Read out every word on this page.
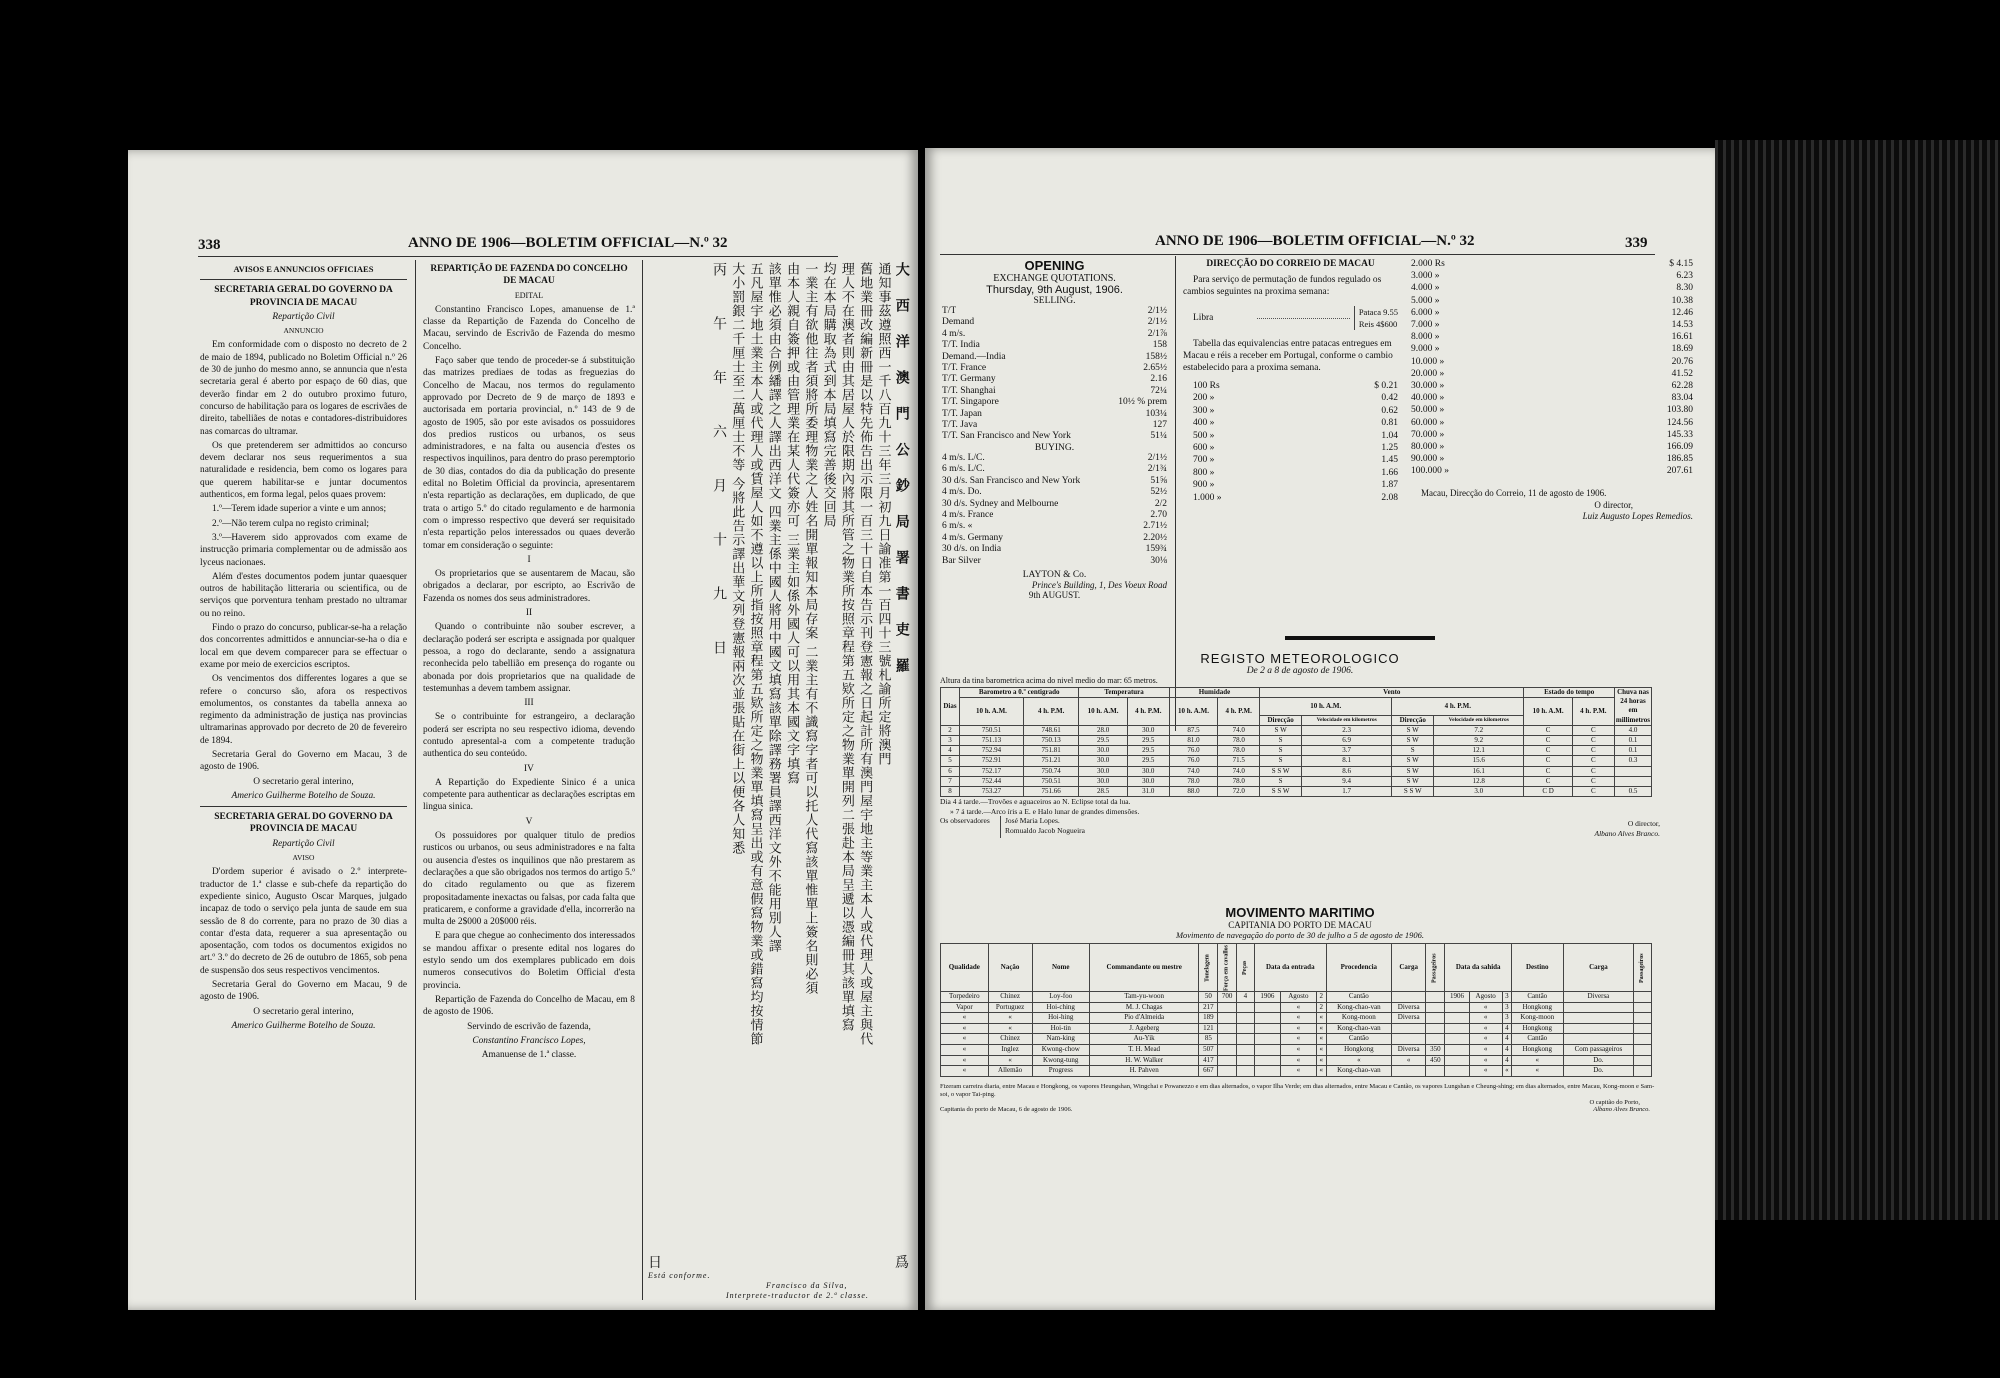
338	ANNO DE 1906—BOLETIM OFFICIAL—N.º 32

AVISOS E ANNUNCIOS OFFICIAES

SECRETARIA GERAL DO GOVERNO DA PROVINCIA DE MACAU

Repartição Civil

ANNUNCIO

Em conformidade com o disposto no decreto de 2 de maio de 1894, publicado no Boletim Official n.º 26 de 30 de junho do mesmo anno, se annuncia que n'esta secretaria geral é aberto por espaço de 60 dias, que deverão findar em 2 do outubro proximo futuro, concurso de habilitação para os logares de escrivães de direito, tabelliães de notas e contadores-distribuidores nas comarcas do ultramar.

Os que pretenderem ser admittidos ao concurso devem declarar nos seus requerimentos a sua naturalidade e residencia, bem como os logares para que querem habilitar-se e juntar documentos authenticos, em forma legal, pelos quaes provem:

1.º—Terem idade superior a vinte e um annos;

2.º—Não terem culpa no registo criminal;

3.º—Haverem sido approvados com exame de instrucção primaria complementar ou de admissão aos lyceus nacionaes.

Além d'estes documentos podem juntar quaesquer outros de habilitação litteraria ou scientifica, ou de serviços que porventura tenham prestado no ultramar ou no reino.

Findo o prazo do concurso, publicar-se-ha a relação dos concorrentes admittidos e annunciar-se-ha o dia e local em que devem comparecer para se effectuar o exame por meio de exercicios escriptos.

Os vencimentos dos differentes logares a que se refere o concurso são, afora os respectivos emolumentos, os constantes da tabella annexa ao regimento da administração de justiça nas provincias ultramarinas approvado por decreto de 20 de fevereiro de 1894.

Secretaria Geral do Governo em Macau, 3 de agosto de 1906.

O secretario geral interino,

Americo Guilherme Botelho de Souza.

SECRETARIA GERAL DO GOVERNO DA PROVINCIA DE MACAU

Repartição Civil

AVISO

D'ordem superior é avisado o 2.º interprete-traductor de 1.ª classe e sub-chefe da repartição do expediente sinico, Augusto Oscar Marques, julgado incapaz de todo o serviço pela junta de saude em sua sessão de 8 do corrente, para no prazo de 30 dias a contar d'esta data, requerer a sua apresentação ou aposentação, com todos os documentos exigidos no art.º 3.º do decreto de 26 de outubro de 1865, sob pena de suspensão dos seus respectivos vencimentos.

Secretaria Geral do Governo em Macau, 9 de agosto de 1906.

O secretario geral interino,

Americo Guilherme Botelho de Souza.

REPARTIÇÃO DE FAZENDA DO CONCELHO DE MACAU

EDITAL

Constantino Francisco Lopes, amanuense de 1.ª classe da Repartição de Fazenda do Concelho de Macau, servindo de Escrivão de Fazenda do mesmo Concelho.

Faço saber que tendo de proceder-se á substituição das matrizes prediaes de todas as freguezias do Concelho de Macau, nos termos do regulamento approvado por Decreto de 9 de março de 1893 e auctorisada em portaria provincial, n.º 143 de 9 de agosto de 1905, são por este avisados os possuidores dos predios rusticos ou urbanos, os seus administradores, e na falta ou ausencia d'estes os respectivos inquilinos, para dentro do praso peremptorio de 30 dias, contados do dia da publicação do presente edital no Boletim Official da provincia, apresentarem n'esta repartição as declarações, em duplicado, de que trata o artigo 5.º do citado regulamento e de harmonia com o impresso respectivo que deverá ser requisitado n'esta repartição pelos interessados ou quaes deverão tomar em consideração o seguinte:

I

Os proprietarios que se ausentarem de Macau, são obrigados a declarar, por escripto, ao Escrivão de Fazenda os nomes dos seus administradores.

II

Quando o contribuinte não souber escrever, a declaração poderá ser escripta e assignada por qualquer pessoa, a rogo do declarante, sendo a assignatura reconhecida pelo tabellião em presença do rogante ou abonada por dois proprietarios que na qualidade de testemunhas a devem tambem assignar.

III

Se o contribuinte for estrangeiro, a declaração poderá ser escripta no seu respectivo idioma, devendo contudo apresental-a com a competente tradução authentica do seu conteúdo.

IV

A Repartição do Expediente Sinico é a unica competente para authenticar as declarações escriptas em lingua sinica.

V

Os possuidores por qualquer titulo de predios rusticos ou urbanos, ou seus administradores e na falta ou ausencia d'estes os inquilinos que não prestarem as declarações a que são obrigados nos termos do artigo 5.º do citado regulamento ou que as fizerem propositadamente inexactas ou falsas, por cada falta que praticarem, e conforme a gravidade d'ella, incorrerão na multa de 2$000 a 20$000 réis.

E para que chegue ao conhecimento dos interessados se mandou affixar o presente edital nos logares do estylo sendo um dos exemplares publicado em dois numeros consecutivos do Boletim Official d'esta provincia.

Repartição de Fazenda do Concelho de Macau, em 8 de agosto de 1906.

Servindo de escrivão de fazenda,

Constantino Francisco Lopes,

Amanuense de 1.ª classe.

大西洋澳門公鈔局署書吏羅
通知事茲遵照西一千八百九十三年三月初九日諭准第一百四十三號札諭所定將澳門
舊地業冊改編新冊是以特先佈告出示限一百三十日自本告示刊登憲報之日起計所有澳門屋宇地主等業主本人或代理人或屋主與代
理人不在澳者則由其居屋人於限期內將其所管之物業所按照章程第五欵所定之物業單開列二張赴本局呈遞以憑編冊其該單填寫
均在本局購取為式到本局填寫完善後交回局
一業主有欲他往者須將所委理物業之人姓名開單報知本局存案 二業主有不識寫字者可以托人代寫該單惟單上簽名則必須
由本人親自簽押或由管理業在某人代簽亦可 三業主如係外國人可以用其本國文字填寫
該單惟必須由合例繙譯之人譯出西洋文 四業主係中國人將用中國文填寫該單除譯務署員譯西洋文外不能用別人譯
五凡屋宇地土業主本人或代理人或賃屋人如不遵以上所指按照章程第五欵所定之物業單填寫呈出或有意假寫物業或錯寫均按情節
大小罰銀二千厘士至二萬厘士不等 今將此告示譯出華文列登憲報兩次並張貼在街上以便各人知悉
丙午年六月十九日
Está conforme.
Francisco da Silva,
Interprete-traductor de 2.ª classe.
日	爲
ANNO DE 1906—BOLETIM OFFICIAL—N.º 32	339
OPENING
EXCHANGE QUOTATIONS.
Thursday, 9th August, 1906.
SELLING.
T/T	2/1½
Demand	2/1½
4 m/s.	2/1⅞
T/T. India	158
Demand.—India	158½
T/T. France	2.65½
T/T. Germany	2.16
T/T. Shanghai	72¼
T/T. Singapore	10½ % prem
T/T. Japan	103¼
T/T. Java	127
T/T. San Francisco and New York	51¼
BUYING.
4 m/s. L/C.	2/1½
6 m/s. L/C.	2/1¾
30 d/s. San Francisco and New York	51⅝
4 m/s. Do.	52½
30 d/s. Sydney and Melbourne	2/2
4 m/s. France	2.70
6 m/s. «	2.71½
4 m/s. Germany	2.20½
30 d/s. on India	159¾
Bar Silver	30⅛
LAYTON & Co.
Prince's Building, 1, Des Voeux Road
9th AUGUST.
DIRECÇÃO DO CORREIO DE MACAU
Para serviço de permutação de fundos regulado os cambios seguintes na proxima semana:
Libra
Pataca 9.55
Reis 4$600
Tabella das equivalencias entre patacas entregues em Macau e réis a receber em Portugal, conforme o cambio estabelecido para a proxima semana.
100 Rs	$ 0.21
200 »	0.42
300 »	0.62
400 »	0.81
500 »	1.04
600 »	1.25
700 »	1.45
800 »	1.66
900 »	1.87
1.000 »	2.08
2.000 Rs	$ 4.15
3.000 »	6.23
4.000 »	8.30
5.000 »	10.38
6.000 »	12.46
7.000 »	14.53
8.000 »	16.61
9.000 »	18.69
10.000 »	20.76
20.000 »	41.52
30.000 »	62.28
40.000 »	83.04
50.000 »	103.80
60.000 »	124.56
70.000 »	145.33
80.000 »	166.09
90.000 »	186.85
100.000 »	207.61
Macau, Direcção do Correio, 11 de agosto de 1906.
O director,
Luiz Augusto Lopes Remedios.
REGISTO METEOROLOGICO
De 2 a 8 de agosto de 1906.
Altura da tina barometrica acima do nivel medio do mar: 65 metros.
Dias	Barometro a 0.º centigrado		Temperatura		Humidade		Vento				Estado do tempo		Chuva nas 24 horas em millimetros
	10 h. A.M.	4 h. P.M.	10 h. A.M.	4 h. P.M.	10 h. A.M.	4 h. P.M.	10 h. A.M.		4 h. P.M.		10 h. A.M.	4 h. P.M.	
							Direcção	Velocidade em kilometros	Direcção	Velocidade em kilometros			
2	750.51	748.61	28.0	30.0	87.5	74.0	S W	2.3	S W	7.2	C	C	4.0
3	751.13	750.13	29.5	29.5	81.0	78.0	S	6.9	S W	9.2	C	C	0.1
4	752.94	751.81	30.0	29.5	76.0	78.0	S	3.7	S	12.1	C	C	0.1
5	752.91	751.21	30.0	29.5	76.0	71.5	S	8.1	S W	15.6	C	C	0.3
6	752.17	750.74	30.0	30.0	74.0	74.0	S S W	8.6	S W	16.1	C	C	
7	752.44	750.51	30.0	30.0	78.0	78.0	S	9.4	S W	12.8	C	C	
8	753.27	751.66	28.5	31.0	88.0	72.0	S S W	1.7	S S W	3.0	C D	C	0.5
Dia 4 á tarde.—Trovões e aguaceiros ao N. Eclipse total da lua.
» 7 á tarde.—Arco íris a E. e Halo lunar de grandes dimensões.
Os observadores	José Maria Lopes.
Romualdo Jacob Nogueira
O director,
Albano Alves Branco.
MOVIMENTO MARITIMO
CAPITANIA DO PORTO DE MACAU
Movimento de navegação do porto de 30 de julho a 5 de agosto de 1906.
Qualidade	Nação	Nome	Commandante ou mestre	Tonelagem	Força em cavallos	Peças	Data da entrada			Procedencia	Carga	Passageiros	Data da sahida			Destino	Carga	Passageiros
Torpedeiro	Chinez	Loy-foo	Tam-yu-woon	50	700	4	1906	Agosto	2	Cantão			1906	Agosto	3	Cantão	Diversa	
Vapor	Portuguez	Hoi-ching	M. J. Chagas	217				«	2	Kong-chao-van	Diversa			«	3	Hongkong		
«	«	Hoi-hing	Pio d'Almeida	189				«	«	Kong-moon	Diversa			«	3	Kong-moon		
«	«	Hoi-tin	J. Ageberg	121				«	«	Kong-chao-van				«	4	Hongkong		
«	Chinez	Nam-king	Au-Yik	85				«	«	Cantão				«	4	Cantão		
«	Inglez	Kwong-chow	T. H. Mead	507				«	«	Hongkong	Diversa	350		«	4	Hongkong	Com passageiros	
«	«	Kwong-tung	H. W. Walker	417				«	«	«	«	450		«	4	«	Do.	
«	Allemão	Progress	H. Pahven	667				«	«	Kong-chao-van				«	«	«	Do.	
Fizeram carreira diaria, entre Macau e Hongkong, os vapores Heungshan, Wingchai e Powanezzo e em dias alternados, o vapor Ilha Verde; em dias alternados, entre Macau e Cantão, os vapores Lungshan e Cheung-shing; em dias alternados, entre Macau, Kong-moon e Sam-soi, o vapor Tai-ping.
O capitão do Porto,
Capitania do porto de Macau, 6 de agosto de 1906.	Albano Alves Branco.
